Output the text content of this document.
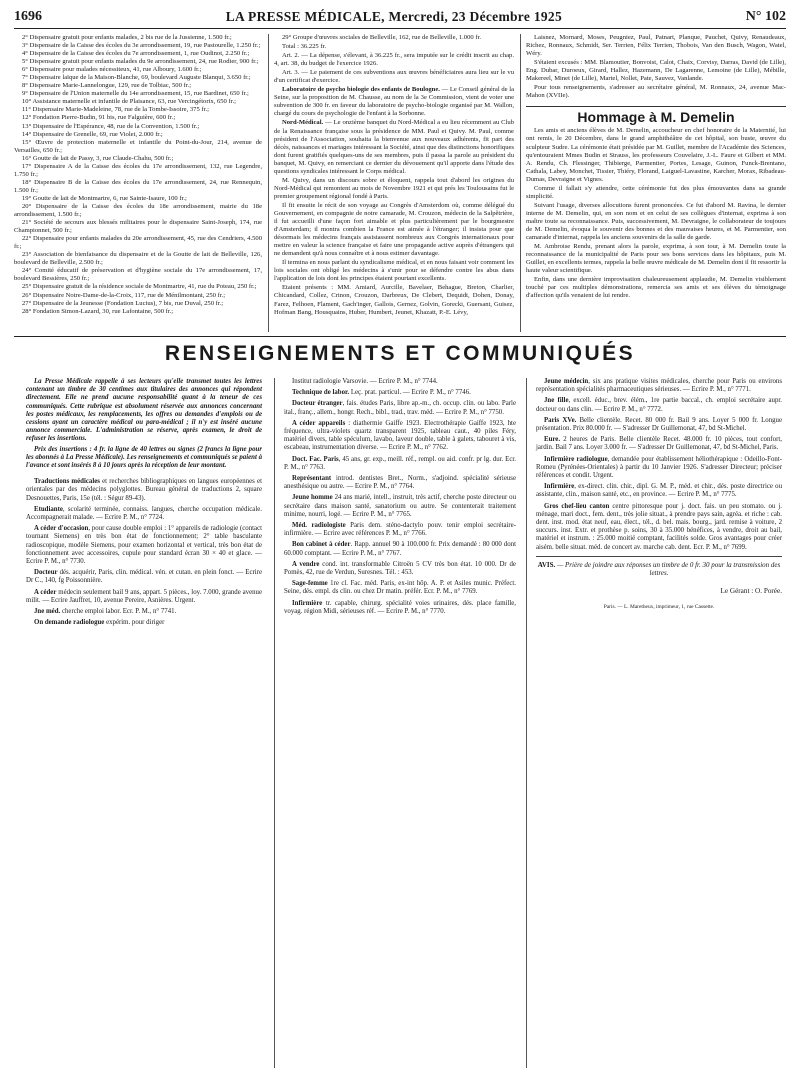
1696	LA PRESSE MÉDICALE, Mercredi, 23 Décembre 1925	N° 102

2° Dispensaire gratuit pour enfants malades, 2 bis rue de la Jussienne, 1.500 fr.;

3° Dispensaire de la Caisse des écoles du 3e arrondissement, 19, rue Pastourelle, 1.250 fr.;

4° Dispensaire de la Caisse des écoles du 7e arrondissement, 1, rue Oudinot, 2.250 fr.;

5° Dispensaire gratuit pour enfants malades du 9e arrondissement, 24, rue Rodier, 900 fr.;

6° Dispensaire pour malades nécessiteux, 41, rue Alboury, 1.600 fr.;

7° Dispensaire laïque de la Maison-Blanche, 69, boulevard Auguste Blanqui, 3.650 fr.;

8° Dispensaire Marie-Lannelongue, 129, rue de Tolbiac, 500 fr.;

9° Dispensaire de l'Union maternelle du 14e arrondissement, 15, rue Bardinet, 650 fr.;

10° Assistance maternelle et infantile de Plaisance, 63, rue Vercingétorix, 650 fr.;

11° Dispensaire Marie-Madeleine, 78, rue de la Tombe-Issoire, 375 fr.;

12° Fondation Pierre-Budin, 91 bis, rue Falguière, 600 fr.;

13° Dispensaire de l'Espérance, 48, rue de la Convention, 1.500 fr.;

14° Dispensaire de Grenelle, 69, rue Violet, 2.000 fr.;

15° Œuvre de protection maternelle et infantile du Point-du-Jour, 214, avenue de Versailles, 650 fr.;

16° Goutte de lait de Passy, 3, rue Claude-Chahu, 500 fr.;

17° Dispensaire A de la Caisse des écoles du 17e arrondissement, 132, rue Legendre, 1.750 fr.;

18° Dispensaire B de la Caisse des écoles du 17e arrondissement, 24, rue Rennequin, 1.500 fr.;

19° Goutte de lait de Montmartre, 6, rue Sainte-Isaure, 100 fr.;

20° Dispensaire de la Caisse des écoles du 18e arrondissement, mairie du 18e arrondissement, 1.500 fr.;

21° Société de secours aux blessés militaires pour le dispensaire Saint-Joseph, 174, rue Championnet, 500 fr.;

22° Dispensaire pour enfants malades du 20e arrondissement, 45, rue des Cendriers, 4.500 fr.;

23° Association de bienfaisance du dispensaire et de la Goutte de lait de Belleville, 126, boulevard de Belleville, 2.500 fr.;

24° Comité éducatif de préservation et d'hygiène sociale du 17e arrondissement, 17, boulevard Bessières, 250 fr.;

25° Dispensaire gratuit de la résidence sociale de Montmartre, 41, rue du Poteau, 250 fr.;

26° Dispensaire Notre-Dame-de-la-Croix, 117, rue de Ménilmontant, 250 fr.;

27° Dispensaire de la Jeunesse (Fondation Lucius), 7 bis, rue Duval, 250 fr.;

28° Fondation Simon-Lazard, 30, rue Lafontaine, 500 fr.;

29° Groupe d'œuvres sociales de Belleville, 162, rue de Belleville, 1.000 fr.

Total : 36.225 fr.

Art. 2. — La dépense, s'élevant, à 36.225 fr., sera imputée sur le crédit inscrit au chap. 4, art. 38, du budget de l'exercice 1926.

Art. 3. — Le paiement de ces subventions aux œuvres bénéficiaires aura lieu sur le vu d'un certificat d'exercice.

Laboratoire de psycho biologie des enfants de Boulogne. — Le Conseil général de la Seine, sur la proposition de M. Chausse, au nom de la 3e Commission, vient de voter une subvention de 300 fr. en faveur du laboratoire de psycho-biologie organisé par M. Wallon, chargé du cours de psychologie de l'enfant à la Sorbonne.

Nord-Médical. — Le onzième banquet du Nord-Médical a eu lieu récemment au Club de la Renaissance française sous la présidence de MM. Paul et Quivy. M. Paul, comme président de l'Association, souhaita la bienvenue aux nouveaux adhérents, fit part des décès, naissances et mariages intéressant la Société, ainsi que des distinctions honorifiques dont furent gratifiés quelques-uns de ses membres, puis il passa la parole au président du banquet, M. Quivy, en remerciant ce dernier du dévouement qu'il apporte dans l'étude des questions syndicales intéressant le Corps médical.

M. Quivy, dans un discours sobre et éloquent, rappela tout d'abord les origines du Nord-Médical qui remontent au mois de Novembre 1921 et qui prés les Toulousains fut le premier groupement régional fondé à Paris.

Il fit ensuite le récit de son voyage au Congrès d'Amsterdom où, comme délégué du Gouvernement, en compagnie de notre camarade, M. Crouzon, médecin de la Salpêtrière, il fut accueilli d'une façon fort aimable et plus particulièrement par le bourgmestre d'Amsterdam; il montra combien la France est aimée à l'étranger; il insista pour que désormais les médecins français assistassent nombreux aux Congrès internationaux pour mettre en valeur la science française et faire une propagande active auprès d'étrangers qui ne demandent qu'à nous connaître et à nous estimer davantage.

Il termina en nous parlant du syndicalisme médical, et en nous faisant voir comment les lois sociales ont obligé les médecins à s'unir pour se défendre contre les abus dans l'application de lois dont les principes étaient pourtant excellents.

Etaient présents : MM. Amiard, Aurcille, Bavelaer, Behague, Breton, Charlier, Chicandard, Collez, Crinon, Crouzon, Darbreux, De Clebert, Dequidt, Dohen, Donay, Farez, Felhoen, Flament, Gach'inger, Gallois, Gernez, Golvin, Gorecki, Guersant, Guisez, Hofman Bang, Housquains, Huber, Humbert, Jeunet, Khazatt, P.-E. Lévy,

Laisnez, Mornard, Moses, Peugniez, Paul, Patnart, Planque, Pauchet, Quivy, Renaudeaux, Richez, Ronnaux, Schmidt, Ser. Terrien, Félix Terrien, Thobois, Van den Busch, Wagon, Watel, Wéry.

S'étaient excusés : MM. Blamoutier, Bonvoist, Calot, Chaix, Corvisy, Darras, David (de Lille), Eng. Dubar, Duroeux, Girard, Hallez, Hazemann, De Lagarenne, Lemoine (de Lille), Mébille, Makereel, Minet (de Lille), Martel, Nollet, Pate, Sauvez, Vanlande.

Pour tous renseignements, s'adresser au secrétaire général, M. Ronnaux, 24, avenue Mac-Mahon (XVIIe).

Hommage à M. Demelin

Les amis et anciens élèves de M. Demelin, accoucheur en chef honoraire de la Maternité, lui ont remis, le 20 Décembre, dans le grand amphithéâtre de cet hôpital, son buste, œuvre du sculpteur Sudre. La cérémonie était présidée par M. Guillet, membre de l'Académie des Sciences, qu'entouraient Mmes Budin et Strauss, les professeurs Couvelaire, J.-L. Faure et Gilbert et MM. A. Rendu, Ch. Flessinger, Thibierge, Parmentier, Portes, Lesage, Guinon, Funck-Brentano, Cathala, Labey, Monchet, Tissier, Thiéry, Florand, Laiguel-Lavastine, Karcher, Morax, Ribadeau-Dumas, Devraigne et Vignes.

Comme il fallait s'y attendre, cette cérémonie fut des plus émouvantes dans sa grande simplicité.

Suivant l'usage, diverses allocutions furent prononcées. Ce fut d'abord M. Ravina, le dernier interne de M. Demelin, qui, en son nom et en celui de ses collègues d'internat, exprima à son maître toute sa reconnaissance. Puis, successivement, M. Devraigne, le collaborateur de toujours de M. Demelin, évoqua le souvenir des bonnes et des mauvaises heures, et M. Parmentier, son camarade d'internat, rappela les anciens souvenirs de la salle de garde.

M. Ambroise Rendu, prenant alors la parole, exprima, à son tour, à M. Demelin toute la reconnaissance de la municipalité de Paris pour ses bons services dans les hôpitaux, puis M. Guillet, en excellents termes, rappela la belle œuvre médicale de M. Demelin dont il fit ressortir la haute valeur scientifique.

Enfin, dans une dernière improvisation chaleureusement applaudie, M. Demelin visiblement touché par ces multiples démonstrations, remercia ses amis et ses élèves du témoignage d'affection qu'ils venaient de lui rendre.

RENSEIGNEMENTS ET COMMUNIQUÉS

La Presse Médicale rappelle à ses lecteurs qu'elle transmet toutes les lettres contenant un timbre de 30 centimes aux titulaires des annonces qui répondent directement. Elle ne prend aucune responsabilité quant à la teneur de ces communiqués. Cette rubrique est absolument réservée aux annonces concernant les postes médicaux, les remplacements, les offres ou demandes d'emplois ou de cessions ayant un caractère médical ou para-médical ; il n'y est inséré aucune annonce commerciale. L'administration se réserve, après examen, le droit de refuser les insertions.

Prix des insertions : 4 fr. la ligne de 40 lettres ou signes (2 francs la ligne pour les abonnés à La Presse Médicale). Les renseignements et communiqués se paient à l'avance et sont insérés 8 à 10 jours après la réception de leur montant.

Traductions médicales et recherches bibliographiques en langues européennes et orientales par des médecins polyglottes. Bureau général de traductions 2, square Desnouettes, Paris, 15e (tél. : Ségur 89-43).

Etudiante, scolarité terminée, connaiss. langues, cherche occupation médicale. Accompagnerait malade. — Ecrire P. M., n° 7724.

A céder d'occasion, pour cause double emploi : 1° appareils de radiologie (contact tournant Siemens) en très bon état de fonctionnement; 2° table basculante radioscopique, modèle Siemens, pour examen horizontal et vertical, très bon état de fonctionnement avec accessoires, cupule pour standard écran 30 × 40 et glace. — Ecrire P. M., n° 7730.

Docteur dés. acquérir, Paris, clin. médical. vén. et cutan. en plein fonct. — Ecrire Dr C., 140, fg Poissonnière.

A céder médecin seulement bail 9 ans, appart. 5 pièces., loy. 7.000, grande avenue milit. — Ecrire Jauffret, 10, avenue Pereire, Asnières. Urgent.

Jne méd. cherche emploi labor. Ecr. P. M., n° 7741.

On demande radiologue expérim. pour diriger

Institut radiologie Varsovie. — Ecrire P. M., n° 7744.

Technique de labor. Leç. prat. particul. — Ecrire P. M., n° 7746.

Docteur étranger, fais. études Paris, libre ap.-m., ch. occup. clin. ou labo. Parle ital., franç., allem., hongr. Rech., bibl., trad., trav. méd. — Ecrire P. M., n° 7750.

A céder appareils : diathermie Gaiffe 1923. Electrothérapie Gaiffe 1923, hte fréquence, ultra-violets quartz transparent 1925, tableau caut., 40 piles Féry, matériel divers, table spéculum, lavabo, laveur double, table à galets, tabouret à vis, escabeau, instrumentation diverse. — Ecrire P. M., n° 7762.

Doct. Fac. Paris, 45 ans, gr. exp., meill. réf., rempl. ou aid. confr. pr lg. dur. Ecr. P. M., n° 7763.

Représentant introd. dentistes Bret., Norm., s'adjoind. spécialité sérieuse anesthésique ou autre. — Ecrire P. M., n° 7764.

Jeune homme 24 ans marié, intell., instruit, très actif, cherche poste directeur ou secrétaire dans maison santé, sanatorium ou autre. Se contenterait traitement minime, nourri, logé. — Ecrire P. M., n° 7765.

Méd. radiologiste Paris dem. sténo-dactylo pouv. tenir emploi secrétaire-infirmière. — Ecrire avec références P. M., n° 7766.

Bon cabinet à céder. Rapp. annuel 90 à 100.000 fr. Prix demandé : 80 000 dont 60.000 comptant. — Ecrire P. M., n° 7767.

A vendre cond. int. transformable Citroën 5 CV très bon état. 10 000. Dr de Pomès, 42, rue de Verdun, Suresnes. Tél. : 453.

Sage-femme 1re cl. Fac. méd. Paris, ex-int hôp. A. P. et Asiles munic. Préfect. Seine, dés. empl. ds clin. ou chez Dr matin. préfér. Ecr. P. M., n° 7769.

Infirmière tr. capable, chirurg. spécialité voies urinaires, dés. place famille, voyag. région Midi, sérieuses réf. — Ecrire P. M., n° 7770.

Jeune médecin, six ans pratique visites médicales, cherche pour Paris ou environs représentation spécialités pharmaceutiques sérieuses. — Ecrire P. M., n° 7771.

Jne fille, excell. éduc., brev. élém., 1re partie baccal., ch. emploi secrétaire aupr. docteur ou dans clin. — Ecrire P. M., n° 7772.

Paris XVe. Belle clientèle. Recet. 80 000 fr. Bail 9 ans. Loyer 5 000 fr. Longue présentation. Prix 80.000 fr. — S'adresser Dr Guillemonat, 47, bd St-Michel.

Eure. 2 heures de Paris. Belle clientèle Recet. 48.000 fr. 10 pièces, tout confort, jardin. Bail 7 ans. Loyer 3.000 fr. — S'adresser Dr Guillemonat, 47, bd St-Michel, Paris.

Infirmière radiologue, demandée pour établissement héliothérapique : Odeillo-Font-Romeu (Pyrénées-Orientales) à partir du 10 Janvier 1926. S'adresser Directeur; préciser références et condit. Urgent.

Infirmière, ex-direct. clin. chir., dipl. G. M. P., méd. et chir., dés. poste directrice ou assistante, clin., maison santé, etc., en province. — Ecrire P. M., n° 7775.

Gros chef-lieu canton centre pittoresque pour j. doct. fais. un peu stomato. ou j. ménage, mari doct., fem. dent., très jolie situat., à prendre pays sain, agréa. et riche : cab. dent. inst. mod. état neuf, eau, élect., tél., d. bel. mais. bourg., jard. remise à voiture, 2 succurs. inst. Extr. et prothèse p. soins, 30 à 35.000 bénéfices, à vendre, droit au bail, matériel et instrum. : 25.000 moitié comptant, facilités solde. Gros avantages pour créer aisém. belle situat. méd. de concert av. marche cab. dent. Ecr. P. M., n° 7699.

AVIS. — Prière de joindre aux réponses un timbre de 0 fr. 30 pour la transmission des lettres.
Le Gérant : O. Porée.
Paris. — L. Maretheux, imprimeur, 1, rue Cassette.
